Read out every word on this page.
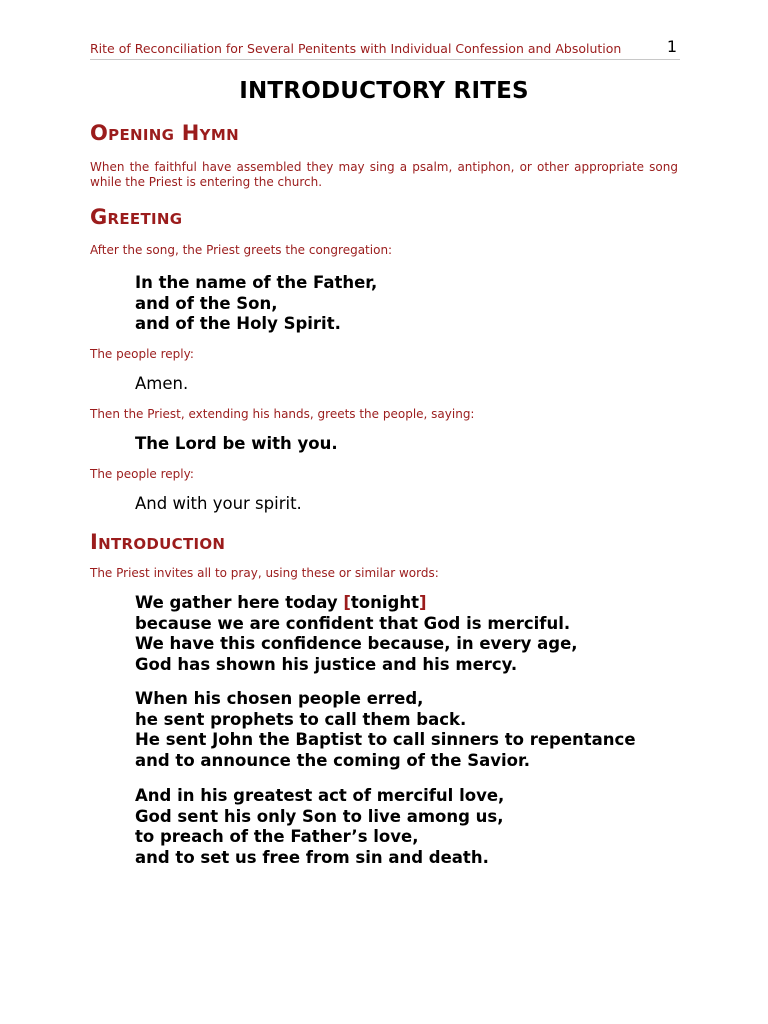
Rite of Reconciliation for Several Penitents with Individual Confession and Absolution	1
INTRODUCTORY RITES
Opening Hymn
When the faithful have assembled they may sing a psalm, antiphon, or other appropriate song while the Priest is entering the church.
Greeting
After the song, the Priest greets the congregation:
In the name of the Father,
and of the Son,
and of the Holy Spirit.
The people reply:
Amen.
Then the Priest, extending his hands, greets the people, saying:
The Lord be with you.
The people reply:
And with your spirit.
Introduction
The Priest invites all to pray, using these or similar words:
We gather here today [tonight]
because we are confident that God is merciful.
We have this confidence because, in every age,
God has shown his justice and his mercy.
When his chosen people erred,
he sent prophets to call them back.
He sent John the Baptist to call sinners to repentance
and to announce the coming of the Savior.
And in his greatest act of merciful love,
God sent his only Son to live among us,
to preach of the Father’s love,
and to set us free from sin and death.
